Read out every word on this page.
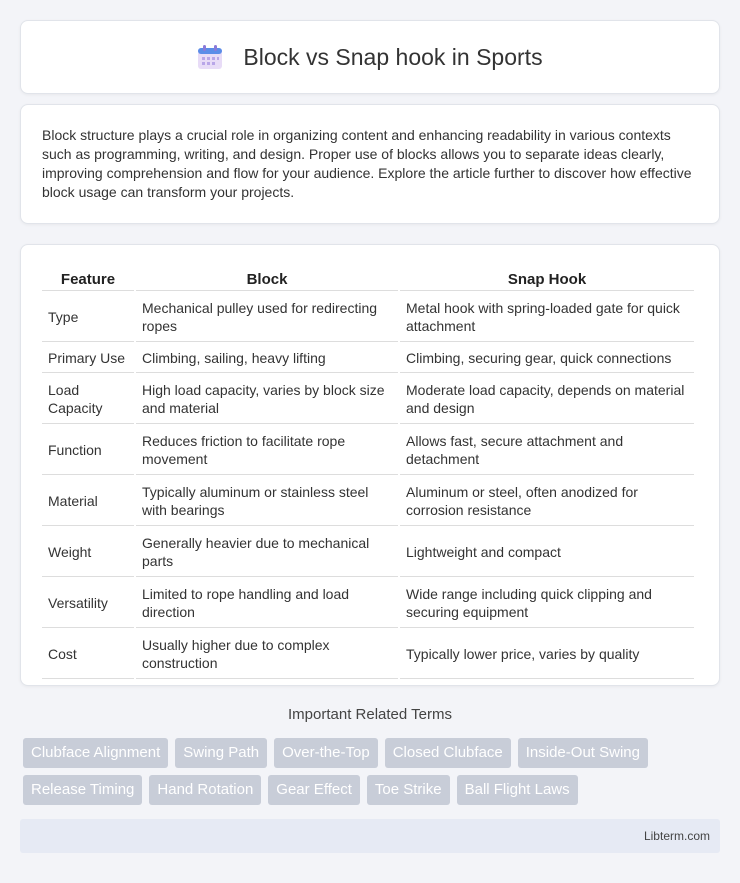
Block vs Snap hook in Sports

Block structure plays a crucial role in organizing content and enhancing readability in various contexts such as programming, writing, and design. Proper use of blocks allows you to separate ideas clearly, improving comprehension and flow for your audience. Explore the article further to discover how effective block usage can transform your projects.

Feature	Block	Snap Hook
Type	Mechanical pulley used for redirecting ropes	Metal hook with spring-loaded gate for quick attachment
Primary Use	Climbing, sailing, heavy lifting	Climbing, securing gear, quick connections
Load Capacity	High load capacity, varies by block size and material	Moderate load capacity, depends on material and design
Function	Reduces friction to facilitate rope movement	Allows fast, secure attachment and detachment
Material	Typically aluminum or stainless steel with bearings	Aluminum or steel, often anodized for corrosion resistance
Weight	Generally heavier due to mechanical parts	Lightweight and compact
Versatility	Limited to rope handling and load direction	Wide range including quick clipping and securing equipment
Cost	Usually higher due to complex construction	Typically lower price, varies by quality
Important Related Terms
Clubface Alignment	Swing Path	Over-the-Top	Closed Clubface	Inside-Out Swing
Release Timing	Hand Rotation	Gear Effect	Toe Strike	Ball Flight Laws
Libterm.com
